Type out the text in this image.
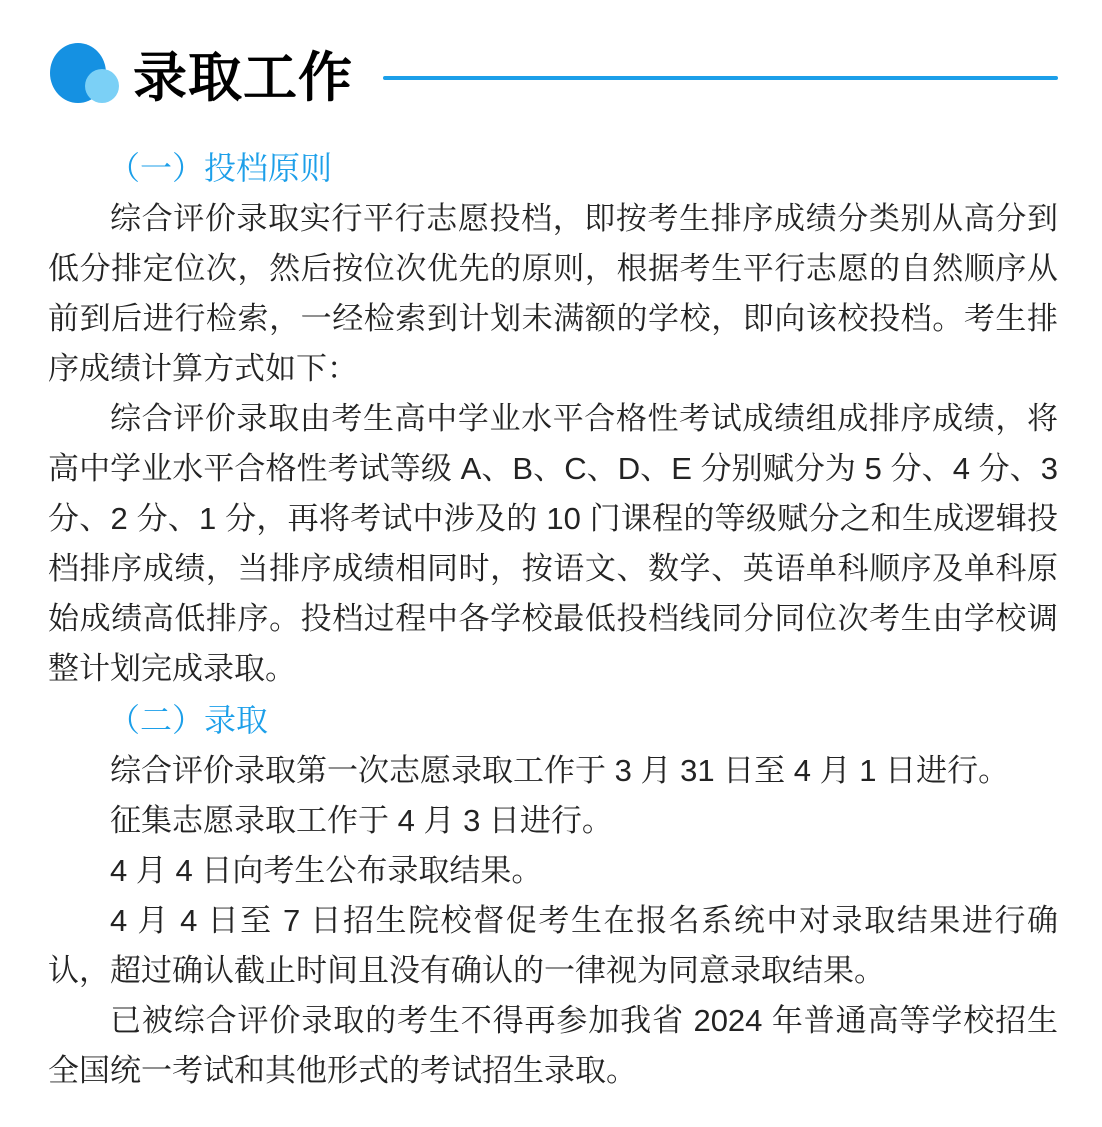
录取工作
（一）投档原则

综合评价录取实行平行志愿投档，即按考生排序成绩分类别从高分到低分排定位次，然后按位次优先的原则，根据考生平行志愿的自然顺序从前到后进行检索，一经检索到计划未满额的学校，即向该校投档。考生排序成绩计算方式如下：

综合评价录取由考生高中学业水平合格性考试成绩组成排序成绩，将高中学业水平合格性考试等级 A、B、C、D、E 分别赋分为 5 分、4 分、3 分、2 分、1 分，再将考试中涉及的 10 门课程的等级赋分之和生成逻辑投档排序成绩，当排序成绩相同时，按语文、数学、英语单科顺序及单科原始成绩高低排序。投档过程中各学校最低投档线同分同位次考生由学校调整计划完成录取。

（二）录取

综合评价录取第一次志愿录取工作于 3 月 31 日至 4 月 1 日进行。

征集志愿录取工作于 4 月 3 日进行。

4 月 4 日向考生公布录取结果。

4 月 4 日至 7 日招生院校督促考生在报名系统中对录取结果进行确认，超过确认截止时间且没有确认的一律视为同意录取结果。

已被综合评价录取的考生不得再参加我省 2024 年普通高等学校招生全国统一考试和其他形式的考试招生录取。
